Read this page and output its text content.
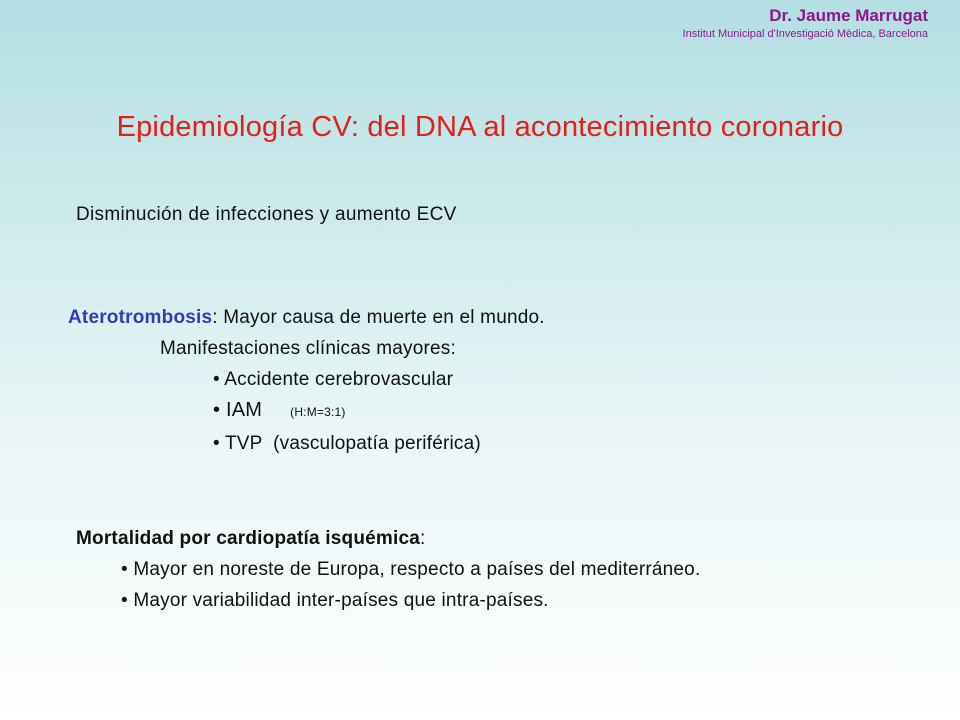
Dr. Jaume Marrugat
Institut Municipal d'Investigació Mèdica, Barcelona
Epidemiología CV: del DNA al acontecimiento coronario
Disminución de infecciones y aumento ECV
Aterotrombosis: Mayor causa de muerte en el mundo.
Manifestaciones clínicas mayores:
• Accidente cerebrovascular
• IAM (H:M=3:1)
• TVP  (vasculopatía periférica)
Mortalidad por cardiopatía isquémica:
• Mayor en noreste de Europa, respecto a países del mediterráneo.
• Mayor variabilidad inter-países que intra-países.
